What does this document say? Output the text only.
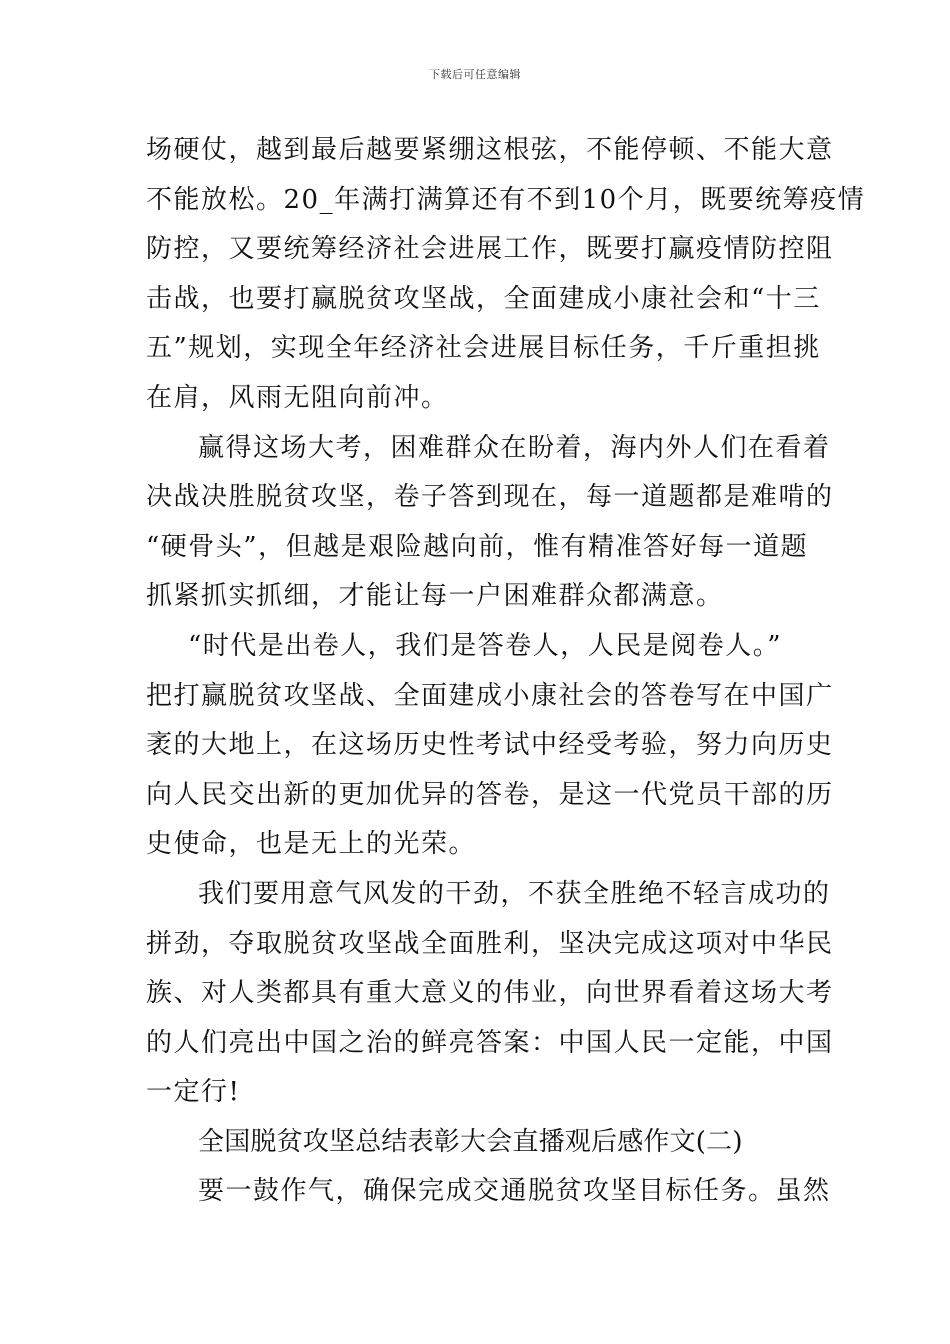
下载后可任意编辑
场硬仗，越到最后越要紧绷这根弦，不能停顿、不能大意
不能放松。20_年满打满算还有不到10个月，既要统筹疫情
防控，又要统筹经济社会进展工作，既要打赢疫情防控阻
击战，也要打赢脱贫攻坚战，全面建成小康社会和“十三
五”规划，实现全年经济社会进展目标任务，千斤重担挑
在肩，风雨无阻向前冲。
赢得这场大考，困难群众在盼着，海内外人们在看着
决战决胜脱贫攻坚，卷子答到现在，每一道题都是难啃的
“硬骨头”，但越是艰险越向前，惟有精准答好每一道题
抓紧抓实抓细，才能让每一户困难群众都满意。
“时代是出卷人，我们是答卷人，人民是阅卷人。”
把打赢脱贫攻坚战、全面建成小康社会的答卷写在中国广
袤的大地上，在这场历史性考试中经受考验，努力向历史
向人民交出新的更加优异的答卷，是这一代党员干部的历
史使命，也是无上的光荣。
我们要用意气风发的干劲，不获全胜绝不轻言成功的
拼劲，夺取脱贫攻坚战全面胜利，坚决完成这项对中华民
族、对人类都具有重大意义的伟业，向世界看着这场大考
的人们亮出中国之治的鲜亮答案：中国人民一定能，中国
一定行!
全国脱贫攻坚总结表彰大会直播观后感作文(二)
要一鼓作气，确保完成交通脱贫攻坚目标任务。虽然
